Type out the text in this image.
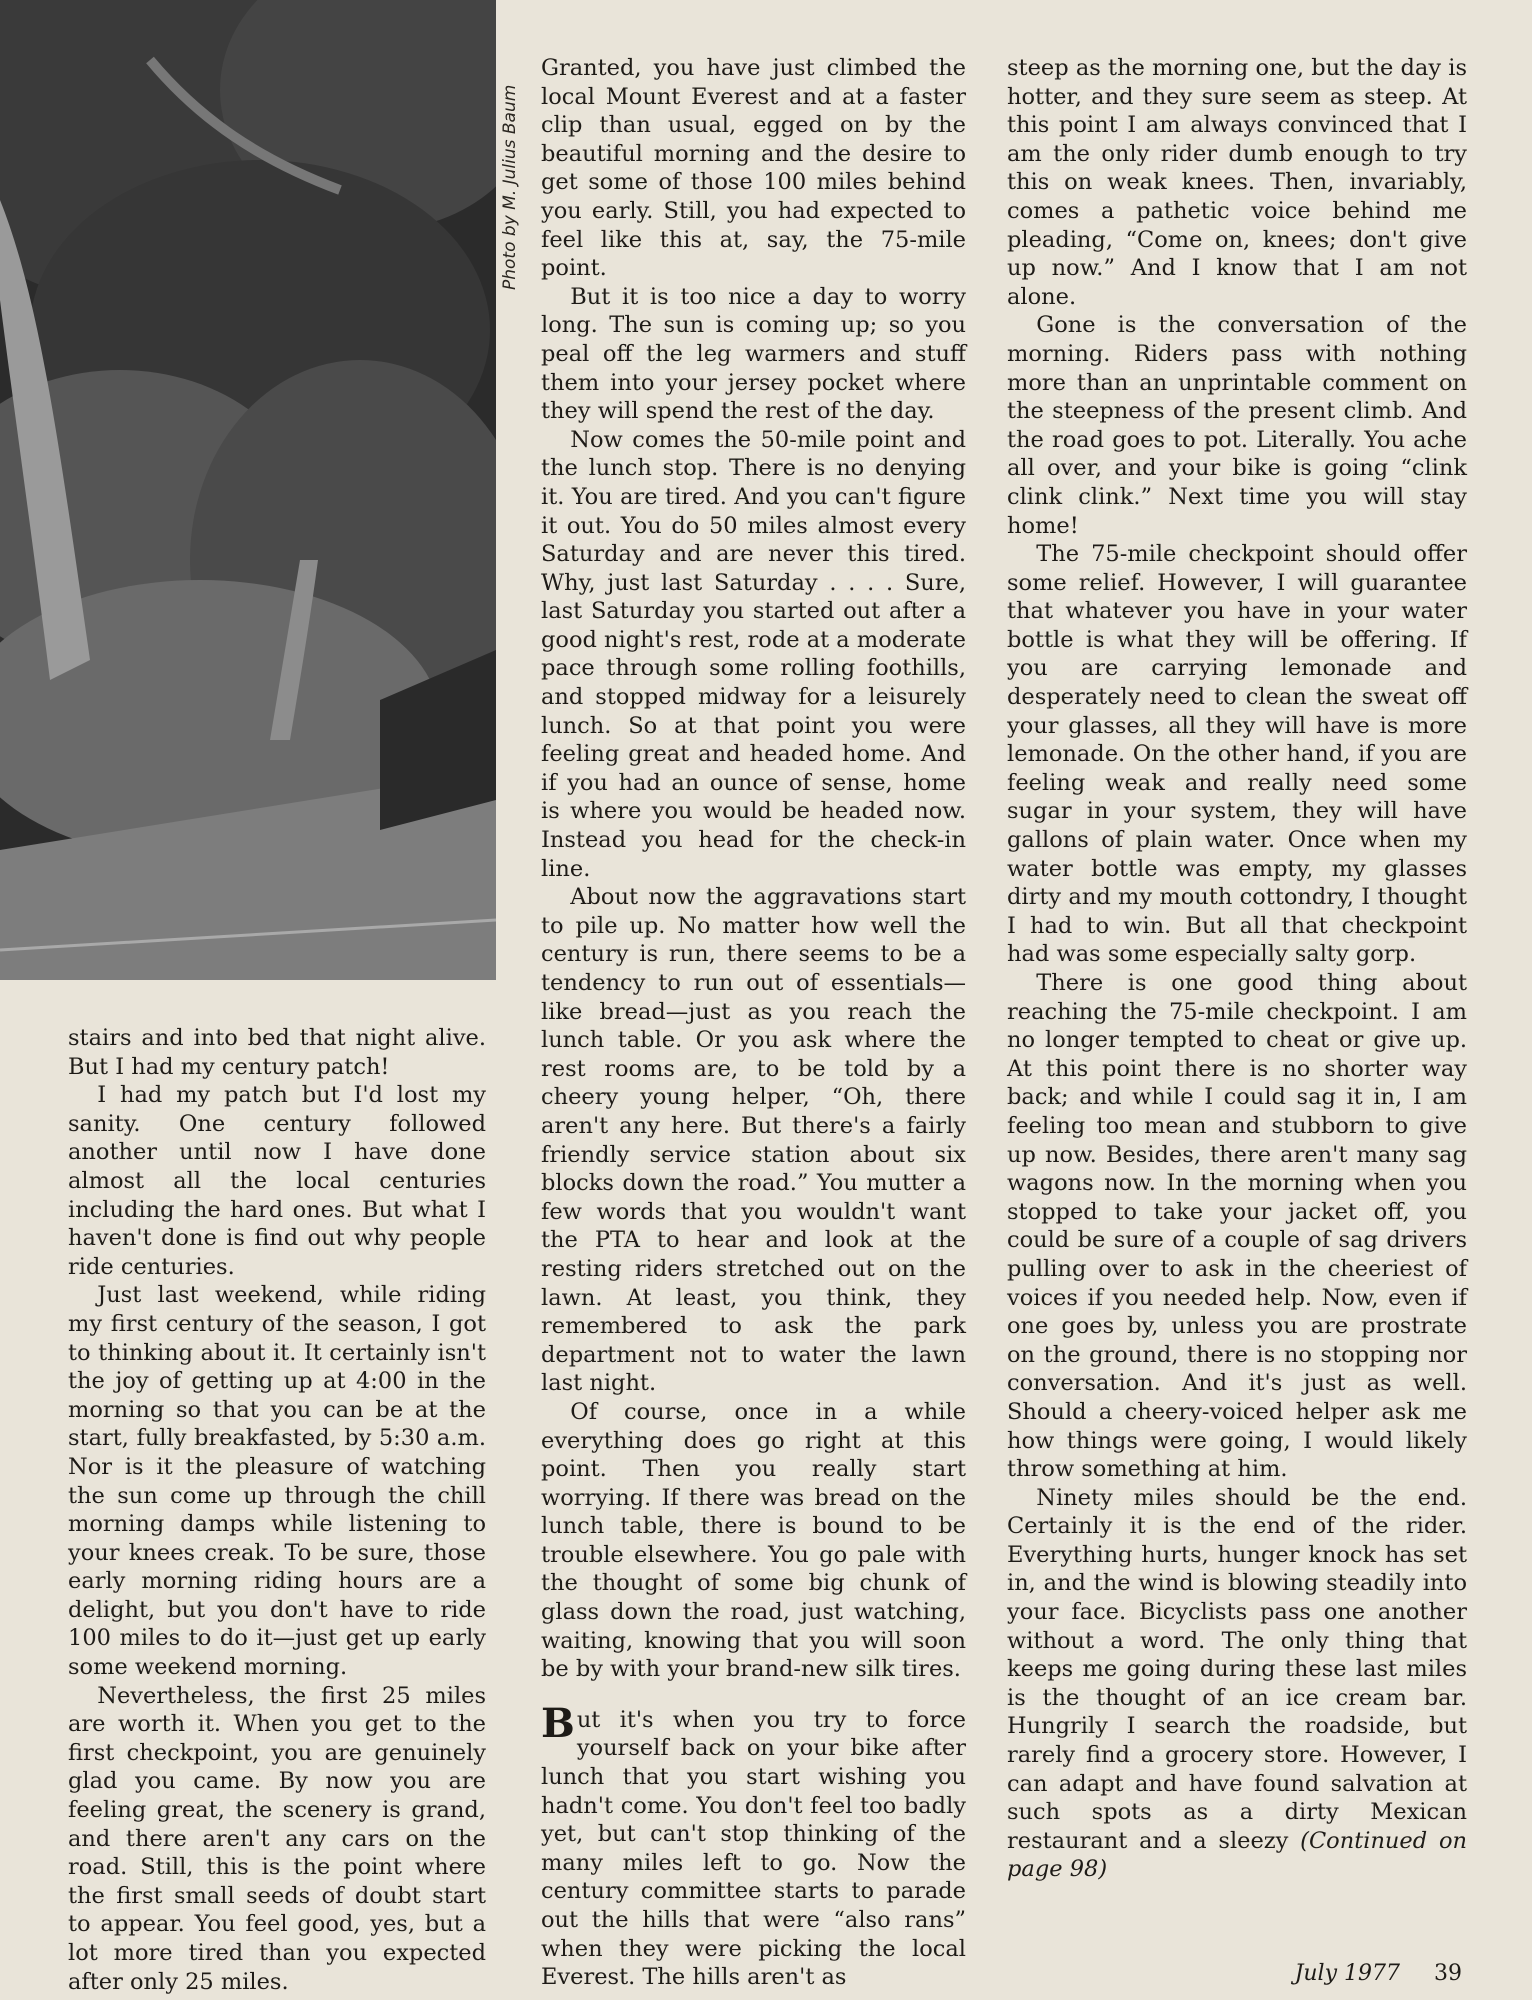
Photo by M. Julius Baum

stairs and into bed that night alive. But I had my century patch!

I had my patch but I'd lost my sanity. One century followed another until now I have done almost all the local centuries including the hard ones. But what I haven't done is find out why people ride centuries.

Just last weekend, while riding my first century of the season, I got to thinking about it. It certainly isn't the joy of getting up at 4:00 in the morning so that you can be at the start, fully breakfasted, by 5:30 a.m. Nor is it the pleasure of watching the sun come up through the chill morning damps while listening to your knees creak. To be sure, those early morning riding hours are a delight, but you don't have to ride 100 miles to do it—just get up early some weekend morning.

Nevertheless, the first 25 miles are worth it. When you get to the first checkpoint, you are genuinely glad you came. By now you are feeling great, the scenery is grand, and there aren't any cars on the road. Still, this is the point where the first small seeds of doubt start to appear. You feel good, yes, but a lot more tired than you expected after only 25 miles.

Granted, you have just climbed the local Mount Everest and at a faster clip than usual, egged on by the beautiful morning and the desire to get some of those 100 miles behind you early. Still, you had expected to feel like this at, say, the 75-mile point.

But it is too nice a day to worry long. The sun is coming up; so you peal off the leg warmers and stuff them into your jersey pocket where they will spend the rest of the day.

Now comes the 50-mile point and the lunch stop. There is no denying it. You are tired. And you can't figure it out. You do 50 miles almost every Saturday and are never this tired. Why, just last Saturday . . . . Sure, last Saturday you started out after a good night's rest, rode at a moderate pace through some rolling foothills, and stopped midway for a leisurely lunch. So at that point you were feeling great and headed home. And if you had an ounce of sense, home is where you would be headed now. Instead you head for the check-in line.

About now the aggravations start to pile up. No matter how well the century is run, there seems to be a tendency to run out of essentials—like bread—just as you reach the lunch table. Or you ask where the rest rooms are, to be told by a cheery young helper, “Oh, there aren't any here. But there's a fairly friendly service station about six blocks down the road.” You mutter a few words that you wouldn't want the PTA to hear and look at the resting riders stretched out on the lawn. At least, you think, they remembered to ask the park department not to water the lawn last night.

Of course, once in a while everything does go right at this point. Then you really start worrying. If there was bread on the lunch table, there is bound to be trouble elsewhere. You go pale with the thought of some big chunk of glass down the road, just watching, waiting, knowing that you will soon be by with your brand-new silk tires.

But it's when you try to force yourself back on your bike after lunch that you start wishing you hadn't come. You don't feel too badly yet, but can't stop thinking of the many miles left to go. Now the century committee starts to parade out the hills that were “also rans” when they were picking the local Everest. The hills aren't as

steep as the morning one, but the day is hotter, and they sure seem as steep. At this point I am always convinced that I am the only rider dumb enough to try this on weak knees. Then, invariably, comes a pathetic voice behind me pleading, “Come on, knees; don't give up now.” And I know that I am not alone.

Gone is the conversation of the morning. Riders pass with nothing more than an unprintable comment on the steepness of the present climb. And the road goes to pot. Literally. You ache all over, and your bike is going “clink clink clink.” Next time you will stay home!

The 75-mile checkpoint should offer some relief. However, I will guarantee that whatever you have in your water bottle is what they will be offering. If you are carrying lemonade and desperately need to clean the sweat off your glasses, all they will have is more lemonade. On the other hand, if you are feeling weak and really need some sugar in your system, they will have gallons of plain water. Once when my water bottle was empty, my glasses dirty and my mouth cottondry, I thought I had to win. But all that checkpoint had was some especially salty gorp.

There is one good thing about reaching the 75-mile checkpoint. I am no longer tempted to cheat or give up. At this point there is no shorter way back; and while I could sag it in, I am feeling too mean and stubborn to give up now. Besides, there aren't many sag wagons now. In the morning when you stopped to take your jacket off, you could be sure of a couple of sag drivers pulling over to ask in the cheeriest of voices if you needed help. Now, even if one goes by, unless you are prostrate on the ground, there is no stopping nor conversation. And it's just as well. Should a cheery-voiced helper ask me how things were going, I would likely throw something at him.

Ninety miles should be the end. Certainly it is the end of the rider. Everything hurts, hunger knock has set in, and the wind is blowing steadily into your face. Bicyclists pass one another without a word. The only thing that keeps me going during these last miles is the thought of an ice cream bar. Hungrily I search the roadside, but rarely find a grocery store. However, I can adapt and have found salvation at such spots as a dirty Mexican restaurant and a sleezy (Continued on page 98)

July 1977 39
